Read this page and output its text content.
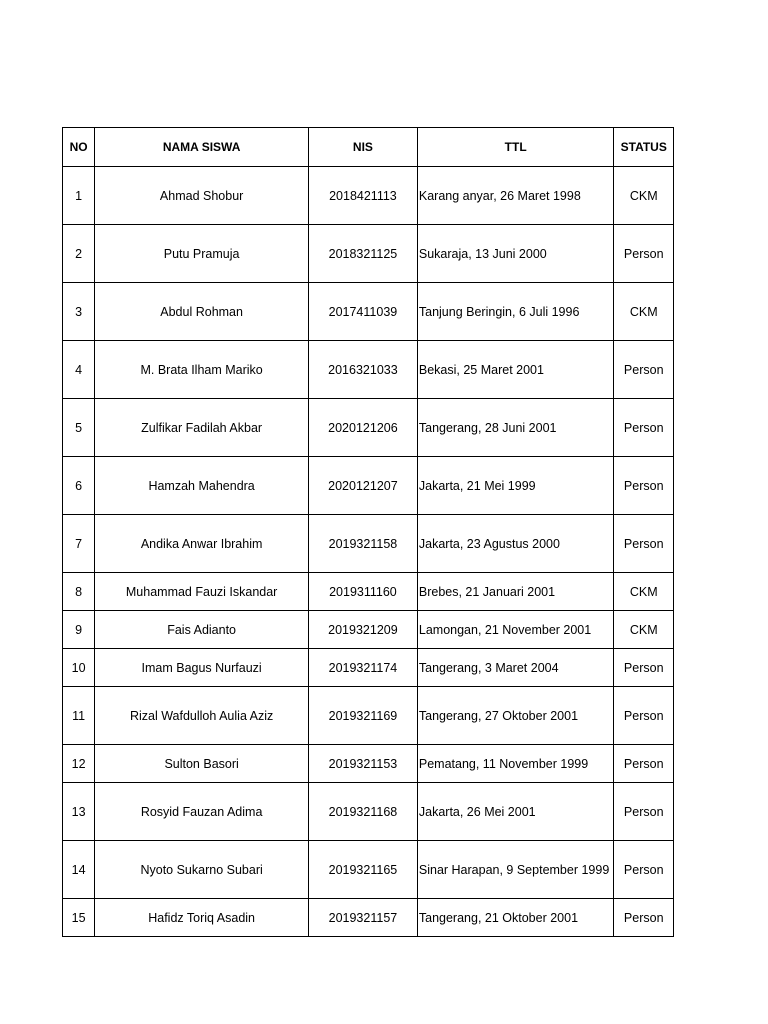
NO	NAMA SISWA	NIS	TTL	STATUS
1	Ahmad Shobur	2018421113	Karang anyar, 26 Maret 1998	CKM
2	Putu Pramuja	2018321125	Sukaraja, 13 Juni 2000	Person
3	Abdul Rohman	2017411039	Tanjung Beringin, 6 Juli 1996	CKM
4	M. Brata Ilham Mariko	2016321033	Bekasi, 25 Maret 2001	Person
5	Zulfikar Fadilah Akbar	2020121206	Tangerang, 28 Juni 2001	Person
6	Hamzah Mahendra	2020121207	Jakarta, 21 Mei 1999	Person
7	Andika Anwar Ibrahim	2019321158	Jakarta, 23 Agustus 2000	Person
8	Muhammad Fauzi Iskandar	2019311160	Brebes, 21 Januari 2001	CKM
9	Fais Adianto	2019321209	Lamongan, 21 November 2001	CKM
10	Imam Bagus Nurfauzi	2019321174	Tangerang, 3 Maret 2004	Person
11	Rizal Wafdulloh Aulia Aziz	2019321169	Tangerang, 27 Oktober 2001	Person
12	Sulton Basori	2019321153	Pematang, 11 November 1999	Person
13	Rosyid Fauzan Adima	2019321168	Jakarta, 26 Mei 2001	Person
14	Nyoto Sukarno Subari	2019321165	Sinar Harapan, 9 September 1999	Person
15	Hafidz Toriq Asadin	2019321157	Tangerang, 21 Oktober 2001	Person
